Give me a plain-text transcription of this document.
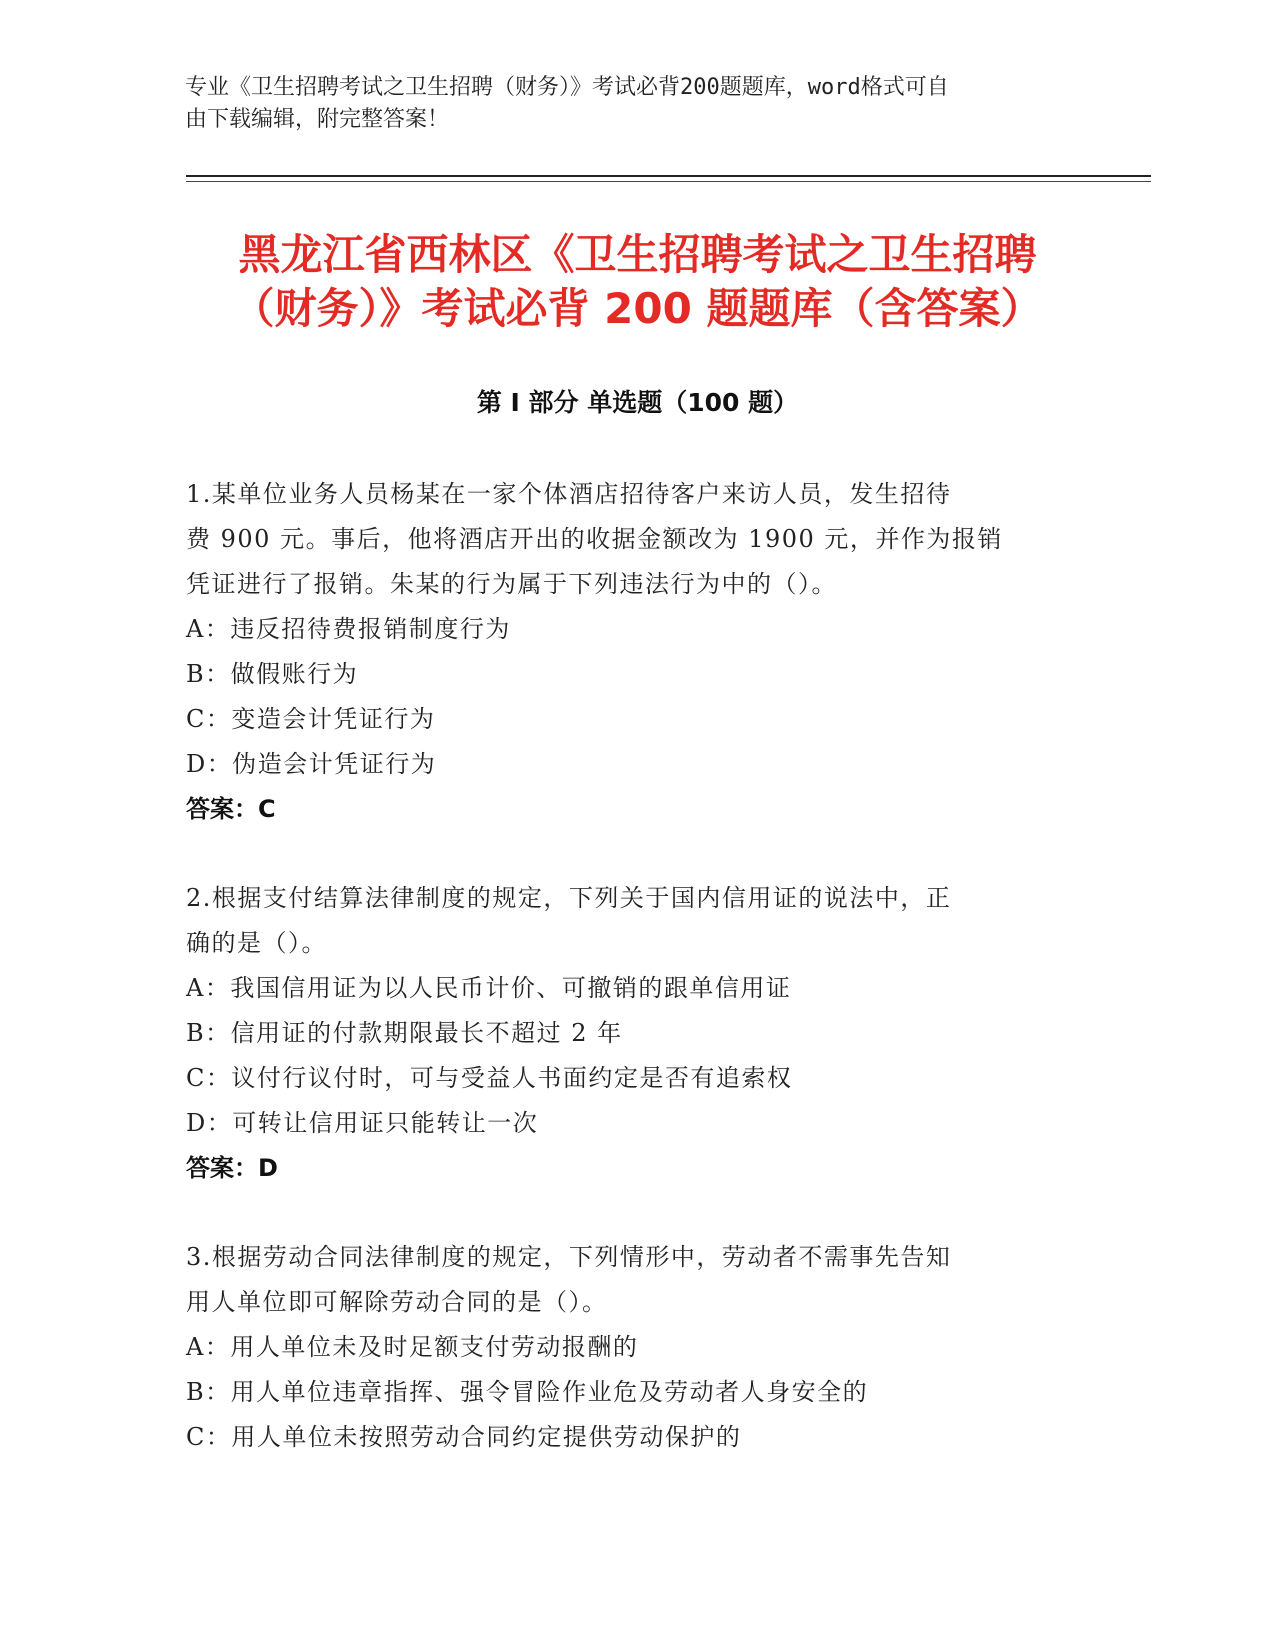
专业《卫生招聘考试之卫生招聘（财务）》考试必背200题题库，word格式可自
由下载编辑，附完整答案！
黑龙江省西林区《卫生招聘考试之卫生招聘
（财务）》考试必背 200 题题库（含答案）
第 I 部分 单选题（100 题）
1.某单位业务人员杨某在一家个体酒店招待客户来访人员，发生招待
费 900 元。事后，他将酒店开出的收据金额改为 1900 元，并作为报销
凭证进行了报销。朱某的行为属于下列违法行为中的（）。
A：违反招待费报销制度行为
B：做假账行为
C：变造会计凭证行为
D：伪造会计凭证行为
答案：C
2.根据支付结算法律制度的规定，下列关于国内信用证的说法中，正
确的是（）。
A：我国信用证为以人民币计价、可撤销的跟单信用证
B：信用证的付款期限最长不超过 2 年
C：议付行议付时，可与受益人书面约定是否有追索权
D：可转让信用证只能转让一次
答案：D
3.根据劳动合同法律制度的规定，下列情形中，劳动者不需事先告知
用人单位即可解除劳动合同的是（）。
A：用人单位未及时足额支付劳动报酬的
B：用人单位违章指挥、强令冒险作业危及劳动者人身安全的
C：用人单位未按照劳动合同约定提供劳动保护的
